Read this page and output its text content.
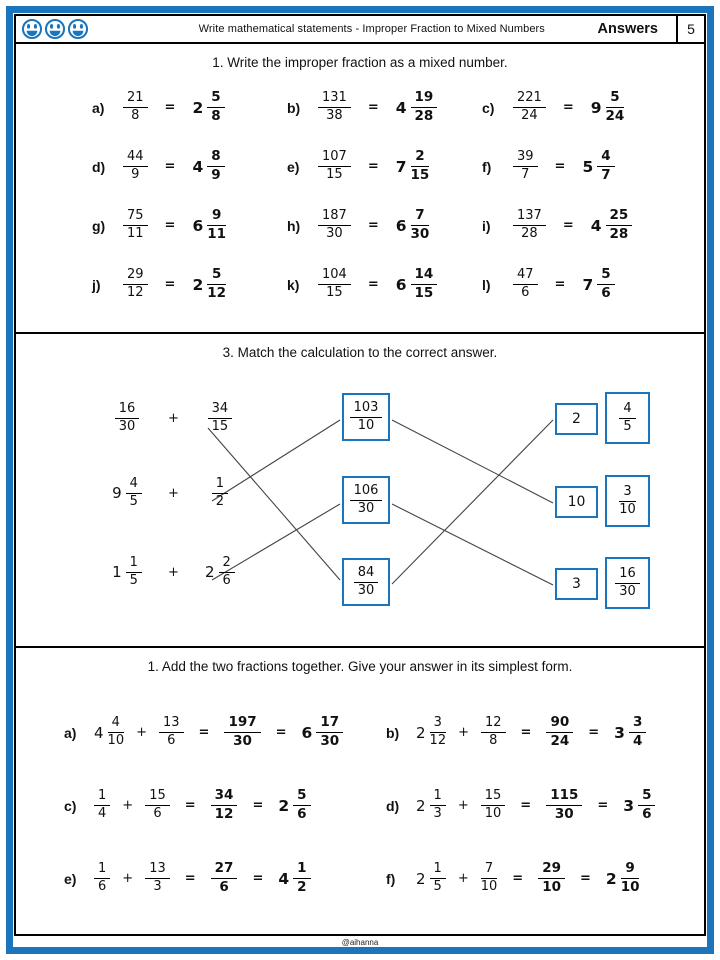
Write mathematical statements - Improper Fraction to Mixed Numbers	Answers	5
1. Write the improper fraction as a mixed number.
a)	$\frac{21}{8} = 2 \frac{5}{8}$	b)	$\frac{131}{38} = 4 \frac{19}{28}$	c)	$\frac{221}{24} = 9 \frac{5}{24}$
d)	$\frac{44}{9} = 4 \frac{8}{9}$	e)	$\frac{107}{15} = 7 \frac{2}{15}$	f)	$\frac{39}{7} = 5 \frac{4}{7}$
g)	$\frac{75}{11} = 6 \frac{9}{11}$	h)	$\frac{187}{30} = 6 \frac{7}{30}$	i)	$\frac{137}{28} = 4 \frac{25}{28}$
j)	$\frac{29}{12} = 2 \frac{5}{12}$	k)	$\frac{104}{15} = 6 \frac{14}{15}$	l)	$\frac{47}{6} = 7 \frac{5}{6}$
3. Match the calculation to the correct answer.
$\frac{16}{30} + \frac{34}{15}$
$9 \frac{4}{5}$ +	$\frac{1}{2}$
$1 \frac{1}{5} + 2 \frac{2}{6}$
$\frac{103}{10}$
$\frac{106}{30}$
$\frac{84}{30}$
2
10
3
$\frac{4}{5}$
$\frac{3}{10}$
$\frac{16}{30}$
1. Add the two fractions together. Give your answer in its simplest form.
a)	$4 \frac{4}{10} + \frac{13}{6} = \frac{197}{30} = 6 \frac{17}{30}$	b)	$2 \frac{3}{12} + \frac{12}{8} = \frac{90}{24} = 3 \frac{3}{4}$
c)	$\frac{1}{4} + \frac{15}{6} = \frac{34}{12} = 2 \frac{5}{6}$	d)	$2 \frac{1}{3} + \frac{15}{10} = \frac{115}{30} = 3 \frac{5}{6}$
e)	$\frac{1}{6} + \frac{13}{3} = \frac{27}{6} = 4 \frac{1}{2}$	f)	$2 \frac{1}{5} + \frac{7}{10} = \frac{29}{10} = 2 \frac{9}{10}$
@aihanna
